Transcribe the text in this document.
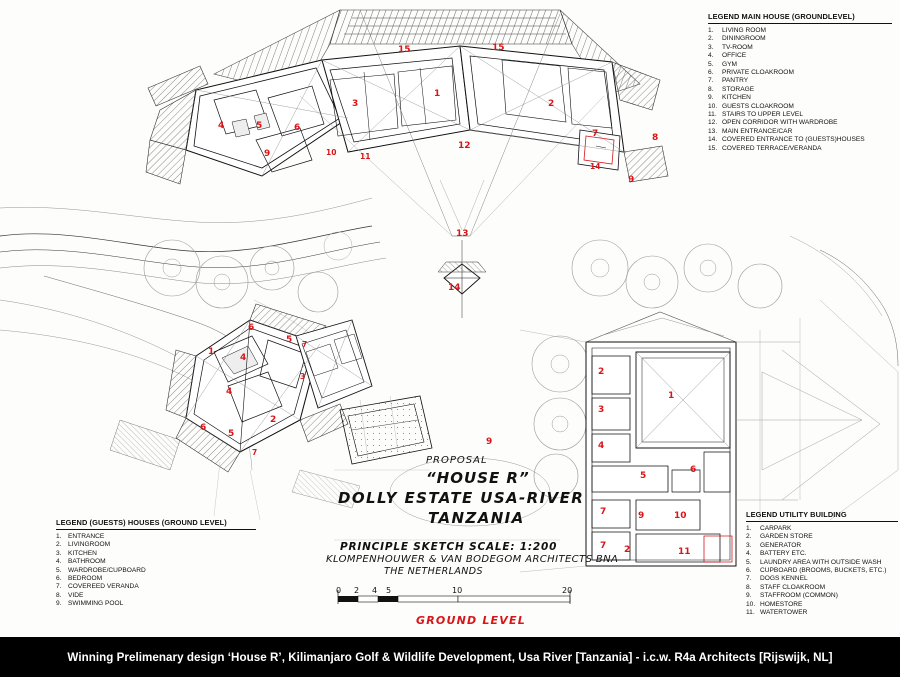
15	15
1
3	2
4	5	6
9	10	11
12
7	8
14
9
13
14
6
5 7
4
4
3
1
2
6
5
7
9
2
3
4
1
5
6
7	9	10
7 2	11
PROPOSAL
“HOUSE R”
DOLLY ESTATE USA-RIVER
TANZANIA
PRINCIPLE SKETCH SCALE: 1:200
KLOMPENHOUWER & VAN BODEGOM ARCHITECTS BNA
THE NETHERLANDS
0 2 4 5	10	20
GROUND LEVEL
LEGEND MAIN HOUSE (GROUNDLEVEL)
1. LIVING ROOM
2. DININGROOM
3. TV-ROOM
4. OFFICE
5. GYM
6. PRIVATE CLOAKROOM
7. PANTRY
8. STORAGE
9. KITCHEN
10. GUESTS CLOAKROOM
11. STAIRS TO UPPER LEVEL
12. OPEN CORRIDOR WITH WARDROBE
13. MAIN ENTRANCE/CAR
14. COVERED ENTRANCE TO (GUESTS)HOUSES
15. COVERED TERRACE/VERANDA
LEGEND (GUESTS) HOUSES (GROUND LEVEL)
1. ENTRANCE
2. LIVINGROOM
3. KITCHEN
4. BATHROOM
5. WARDROBE/CUPBOARD
6. BEDROOM
7. COVEREED VERANDA
8. VIDE
9. SWIMMING POOL
LEGEND UTILITY BUILDING
1. CARPARK
2. GARDEN STORE
3. GENERATOR
4. BATTERY ETC.
5. LAUNDRY AREA WITH OUTSIDE WASH
6. CUPBOARD (BROOMS, BUCKETS, ETC.)
7. DOGS KENNEL
8. STAFF CLOAKROOM
9. STAFFROOM (COMMON)
10. HOMESTORE
11. WATERTOWER
Winning Prelimenary design ‘House R’, Kilimanjaro Golf & Wildlife Development, Usa River [Tanzania] - i.c.w. R4a Architects [Rijswijk, NL]
